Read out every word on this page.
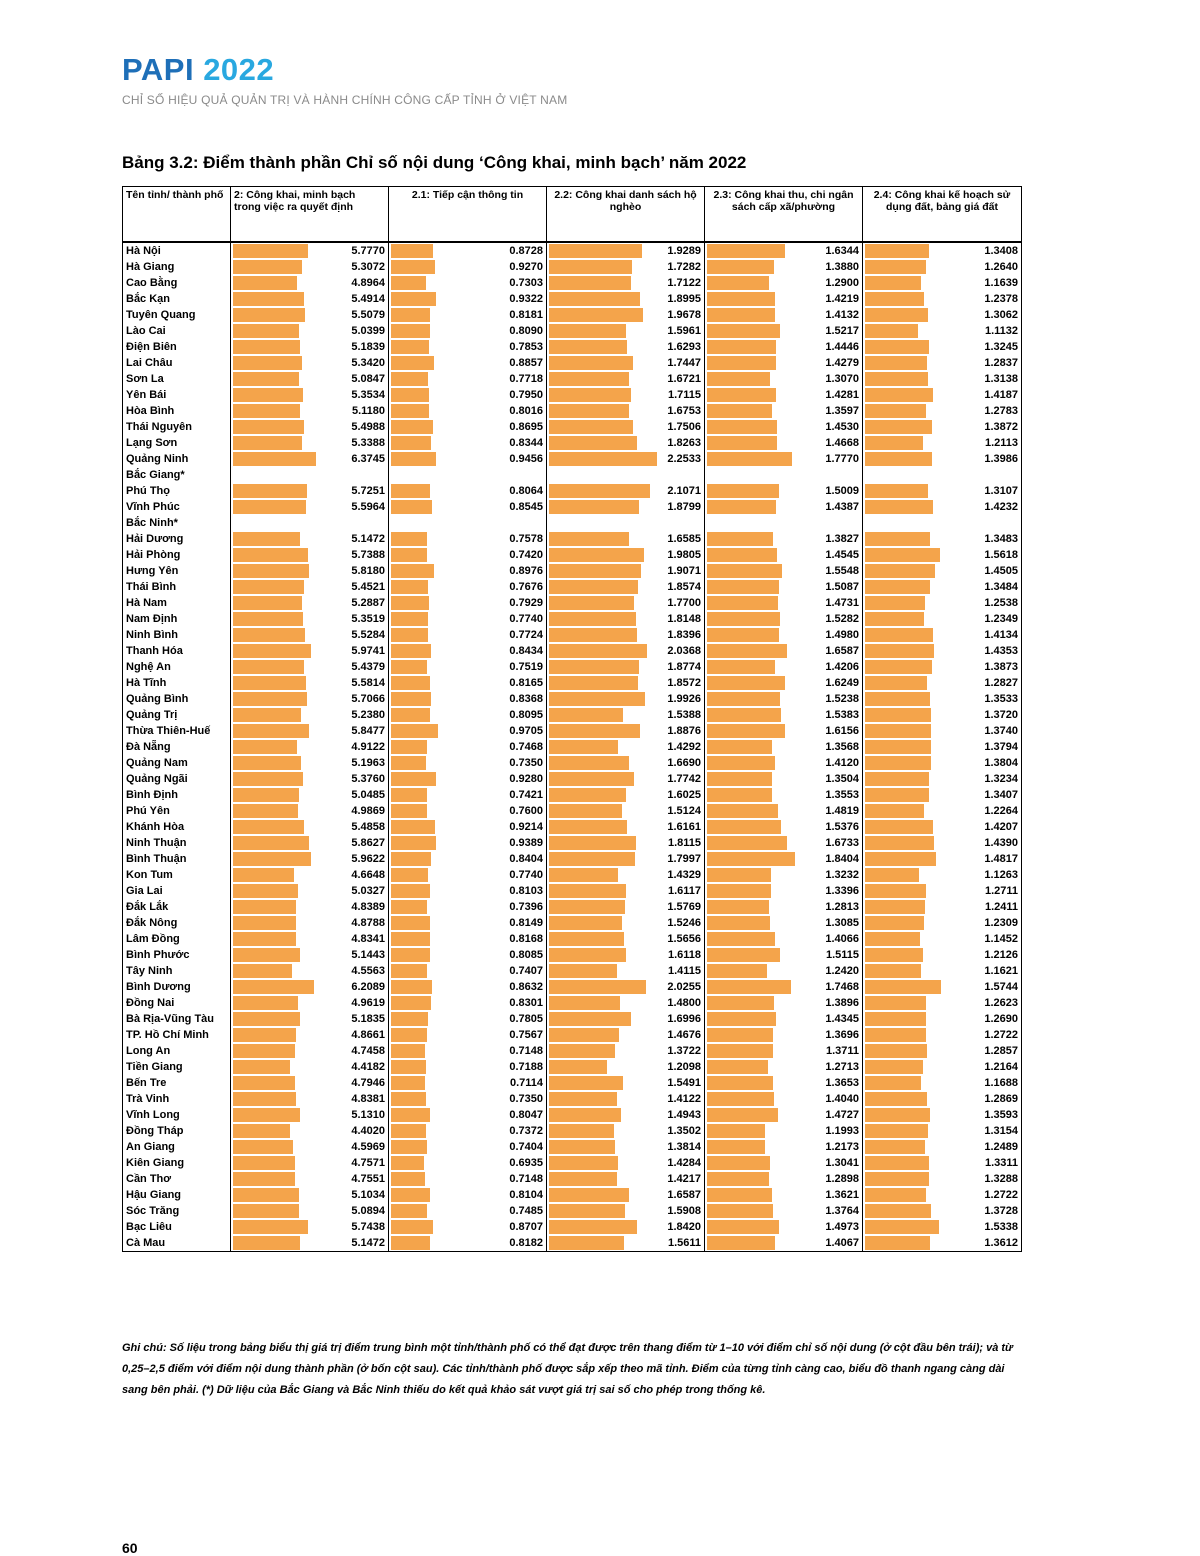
PAPI 2022
CHỈ SỐ HIỆU QUẢ QUẢN TRỊ VÀ HÀNH CHÍNH CÔNG CẤP TỈNH Ở VIỆT NAM
Bảng 3.2: Điểm thành phần Chỉ số nội dung ‘Công khai, minh bạch’ năm 2022
Tên tỉnh/ thành phố	2: Công khai, minh bạch trong việc ra quyết định	2.1: Tiếp cận thông tin	2.2: Công khai danh sách hộ nghèo	2.3: Công khai thu, chi ngân sách cấp xã/phường	2.4: Công khai kế hoạch sử dụng đất, bảng giá đất
Hà Nội	5.7770	0.8728	1.9289	1.6344	1.3408

Hà Giang	5.3072	0.9270	1.7282	1.3880	1.2640

Cao Bằng	4.8964	0.7303	1.7122	1.2900	1.1639

Bắc Kạn	5.4914	0.9322	1.8995	1.4219	1.2378

Tuyên Quang	5.5079	0.8181	1.9678	1.4132	1.3062

Lào Cai	5.0399	0.8090	1.5961	1.5217	1.1132

Điện Biên	5.1839	0.7853	1.6293	1.4446	1.3245

Lai Châu	5.3420	0.8857	1.7447	1.4279	1.2837

Sơn La	5.0847	0.7718	1.6721	1.3070	1.3138

Yên Bái	5.3534	0.7950	1.7115	1.4281	1.4187

Hòa Bình	5.1180	0.8016	1.6753	1.3597	1.2783

Thái Nguyên	5.4988	0.8695	1.7506	1.4530	1.3872

Lạng Sơn	5.3388	0.8344	1.8263	1.4668	1.2113

Quảng Ninh	6.3745	0.9456	2.2533	1.7770	1.3986

Bắc Giang*					
Phú Thọ	5.7251	0.8064	2.1071	1.5009	1.3107

Vĩnh Phúc	5.5964	0.8545	1.8799	1.4387	1.4232

Bắc Ninh*					
Hải Dương	5.1472	0.7578	1.6585	1.3827	1.3483

Hải Phòng	5.7388	0.7420	1.9805	1.4545	1.5618

Hưng Yên	5.8180	0.8976	1.9071	1.5548	1.4505

Thái Bình	5.4521	0.7676	1.8574	1.5087	1.3484

Hà Nam	5.2887	0.7929	1.7700	1.4731	1.2538

Nam Định	5.3519	0.7740	1.8148	1.5282	1.2349

Ninh Bình	5.5284	0.7724	1.8396	1.4980	1.4134

Thanh Hóa	5.9741	0.8434	2.0368	1.6587	1.4353

Nghệ An	5.4379	0.7519	1.8774	1.4206	1.3873

Hà Tĩnh	5.5814	0.8165	1.8572	1.6249	1.2827

Quảng Bình	5.7066	0.8368	1.9926	1.5238	1.3533

Quảng Trị	5.2380	0.8095	1.5388	1.5383	1.3720

Thừa Thiên-Huế	5.8477	0.9705	1.8876	1.6156	1.3740

Đà Nẵng	4.9122	0.7468	1.4292	1.3568	1.3794

Quảng Nam	5.1963	0.7350	1.6690	1.4120	1.3804

Quảng Ngãi	5.3760	0.9280	1.7742	1.3504	1.3234

Bình Định	5.0485	0.7421	1.6025	1.3553	1.3407

Phú Yên	4.9869	0.7600	1.5124	1.4819	1.2264

Khánh Hòa	5.4858	0.9214	1.6161	1.5376	1.4207

Ninh Thuận	5.8627	0.9389	1.8115	1.6733	1.4390

Bình Thuận	5.9622	0.8404	1.7997	1.8404	1.4817

Kon Tum	4.6648	0.7740	1.4329	1.3232	1.1263

Gia Lai	5.0327	0.8103	1.6117	1.3396	1.2711

Đắk Lắk	4.8389	0.7396	1.5769	1.2813	1.2411

Đắk Nông	4.8788	0.8149	1.5246	1.3085	1.2309

Lâm Đồng	4.8341	0.8168	1.5656	1.4066	1.1452

Bình Phước	5.1443	0.8085	1.6118	1.5115	1.2126

Tây Ninh	4.5563	0.7407	1.4115	1.2420	1.1621

Bình Dương	6.2089	0.8632	2.0255	1.7468	1.5744

Đồng Nai	4.9619	0.8301	1.4800	1.3896	1.2623

Bà Rịa-Vũng Tàu	5.1835	0.7805	1.6996	1.4345	1.2690

TP. Hồ Chí Minh	4.8661	0.7567	1.4676	1.3696	1.2722

Long An	4.7458	0.7148	1.3722	1.3711	1.2857

Tiền Giang	4.4182	0.7188	1.2098	1.2713	1.2164

Bến Tre	4.7946	0.7114	1.5491	1.3653	1.1688

Trà Vinh	4.8381	0.7350	1.4122	1.4040	1.2869

Vĩnh Long	5.1310	0.8047	1.4943	1.4727	1.3593

Đồng Tháp	4.4020	0.7372	1.3502	1.1993	1.3154

An Giang	4.5969	0.7404	1.3814	1.2173	1.2489

Kiên Giang	4.7571	0.6935	1.4284	1.3041	1.3311

Cần Thơ	4.7551	0.7148	1.4217	1.2898	1.3288

Hậu Giang	5.1034	0.8104	1.6587	1.3621	1.2722

Sóc Trăng	5.0894	0.7485	1.5908	1.3764	1.3728

Bạc Liêu	5.7438	0.8707	1.8420	1.4973	1.5338

Cà Mau	5.1472	0.8182	1.5611	1.4067	1.3612
Ghi chú: Số liệu trong bảng biểu thị giá trị điểm trung bình một tỉnh/thành phố có thể đạt được trên thang điểm từ 1–10 với điểm chỉ số nội dung (ở cột đầu bên trái); và từ 0,25–2,5 điểm với điểm nội dung thành phần (ở bốn cột sau). Các tỉnh/thành phố được sắp xếp theo mã tỉnh. Điểm của từng tỉnh càng cao, biểu đồ thanh ngang càng dài sang bên phải. (*) Dữ liệu của Bắc Giang và Bắc Ninh thiếu do kết quả khảo sát vượt giá trị sai số cho phép trong thống kê.
60
